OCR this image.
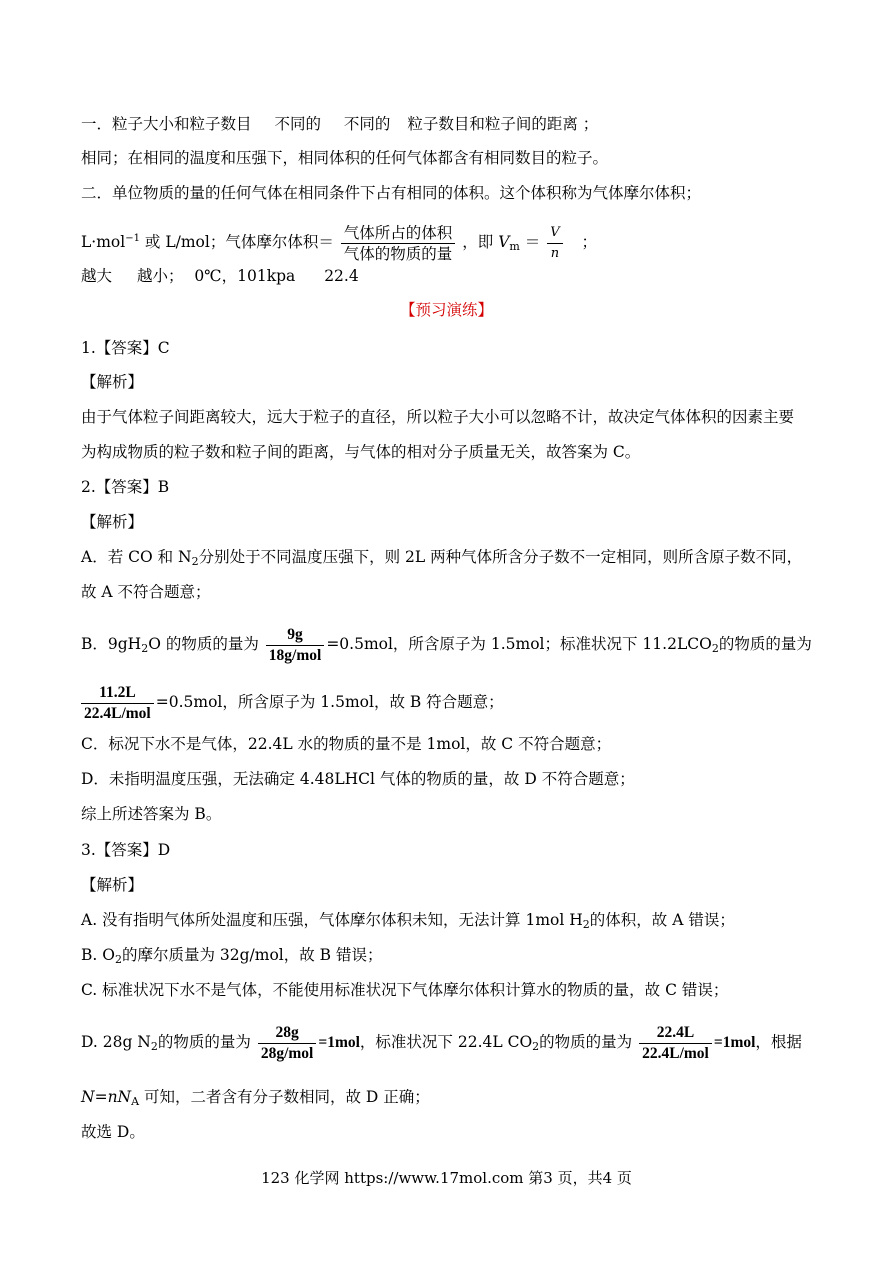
一．粒子大小和粒子数目 不同的 不同的 粒子数目和粒子间的距离 ；
相同；在相同的温度和压强下，相同体积的任何气体都含有相同数目的粒子。
二．单位物质的量的任何气体在相同条件下占有相同的体积。这个体积称为气体摩尔体积；
L·mol$^{-1}$ 或 L/mol；气体摩尔体积＝ $\frac{\text{气体所占的体积}}{\text{气体的物质的量}}$ ，即 $V_m = \frac{V}{n}$ ；
越大 越小； 0℃，101kpa 22.4
【预习演练】
1.【答案】C
【解析】
由于气体粒子间距离较大，远大于粒子的直径，所以粒子大小可以忽略不计，故决定气体体积的因素主要
为构成物质的粒子数和粒子间的距离，与气体的相对分子质量无关，故答案为 C。
2.【答案】B
【解析】
A．若 CO 和 $N_2$分别处于不同温度压强下，则 2L 两种气体所含分子数不一定相同，则所含原子数不同，
故 A 不符合题意；
B．$9gH_2O$ 的物质的量为 $\frac{9g}{\text{18g/mol}} =0.5mol$，所含原子为 1.5mol；标准状况下 $11.2LCO_2$的物质的量为
$\frac{11.2L}{\text{22.4L/mol}} =0.5mol$，所含原子为 1.5mol，故 B 符合题意；
C．标况下水不是气体，22.4L 水的物质的量不是 1mol，故 C 不符合题意；
D．未指明温度压强，无法确定 4.48LHCl 气体的物质的量，故 D 不符合题意；
综上所述答案为 B。
3.【答案】D
【解析】
A. 没有指明气体所处温度和压强，气体摩尔体积未知，无法计算 1mol $H_2$的体积，故 A 错误；
B. $O_2$的摩尔质量为 32g/mol，故 B 错误；
C. 标准状况下水不是气体，不能使用标准状况下气体摩尔体积计算水的物质的量，故 C 错误；
D. 28g $N_2$的物质的量为 $\frac{28g}{\text{28g/mol}} =1mol$，标准状况下 22.4L $CO_2$的物质的量为 $\frac{22.4L}{\text{22.4L/mol}} =1mol$，根据
$N=nN_A$ 可知，二者含有分子数相同，故 D 正确；
故选 D。
123 化学网 https://www.17mol.com 第3 页，共4 页
